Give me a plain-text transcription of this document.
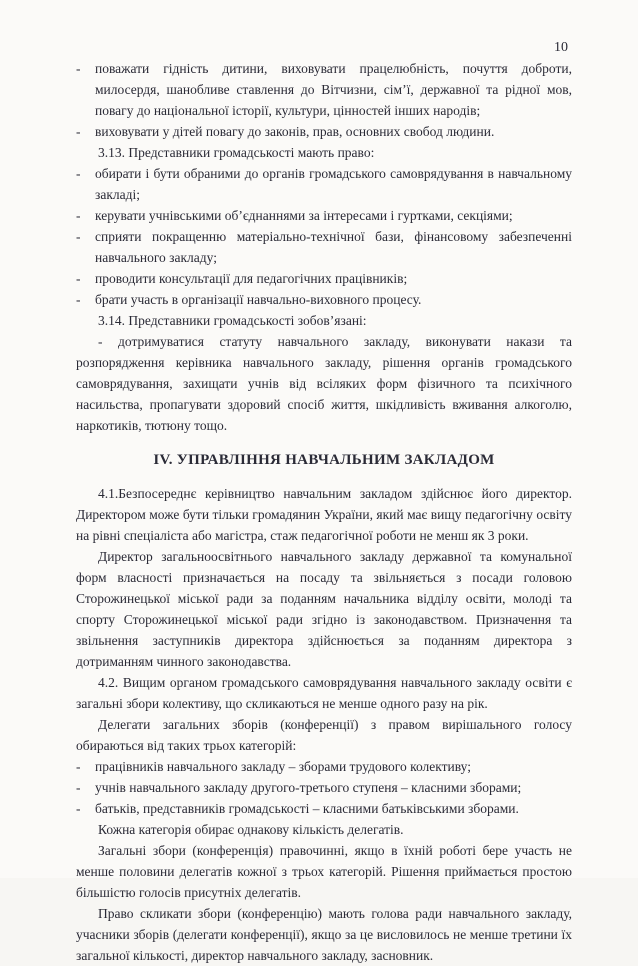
10
- поважати гідність дитини, виховувати працелюбність, почуття доброти, милосердя, шанобливе ставлення до Вітчизни, сім’ї, державної та рідної мов, повагу до національної історії, культури, цінностей інших народів;
- виховувати у дітей повагу до законів, прав, основних свобод людини.
3.13. Представники громадськості мають право:
- обирати і бути обраними до органів громадського самоврядування в навчальному закладі;
- керувати учнівськими об’єднаннями за інтересами і гуртками, секціями;
- сприяти покращенню матеріально-технічної бази, фінансовому забезпеченні навчального закладу;
- проводити консультації для педагогічних працівників;
- брати участь в організації навчально-виховного процесу.
3.14. Представники громадськості зобов’язані:
- дотримуватися статуту навчального закладу, виконувати накази та розпорядження керівника навчального закладу, рішення органів громадського самоврядування, захищати учнів від всіляких форм фізичного та психічного насильства, пропагувати здоровий спосіб життя, шкідливість вживання алкоголю, наркотиків, тютюну тощо.
IV. УПРАВЛІННЯ НАВЧАЛЬНИМ ЗАКЛАДОМ
4.1.Безпосереднє керівництво навчальним закладом здійснює його директор. Директором може бути тільки громадянин України, який має вищу педагогічну освіту на рівні спеціаліста або магістра, стаж педагогічної роботи не менш як 3 роки.
Директор загальноосвітнього навчального закладу державної та комунальної форм власності призначається на посаду та звільняється з посади головою Сторожинецької міської ради за поданням начальника відділу освіти, молоді та спорту Сторожинецької міської ради згідно із законодавством. Призначення та звільнення заступників директора здійснюється за поданням директора з дотриманням чинного законодавства.
4.2. Вищим органом громадського самоврядування навчального закладу освіти є загальні збори колективу, що скликаються не менше одного разу на рік.
Делегати загальних зборів (конференції) з правом вирішального голосу обираються від таких трьох категорій:
- працівників навчального закладу – зборами трудового колективу;
- учнів навчального закладу другого-третього ступеня – класними зборами;
- батьків, представників громадськості – класними батьківськими зборами.
Кожна категорія обирає однакову кількість делегатів.
Загальні збори (конференція) правочинні, якщо в їхній роботі бере участь не менше половини делегатів кожної з трьох категорій. Рішення приймається простою більшістю голосів присутніх делегатів.
Право скликати збори (конференцію) мають голова ради навчального закладу, учасники зборів (делегати конференції), якщо за це висловилось не менше третини їх загальної кількості, директор навчального закладу, засновник.
